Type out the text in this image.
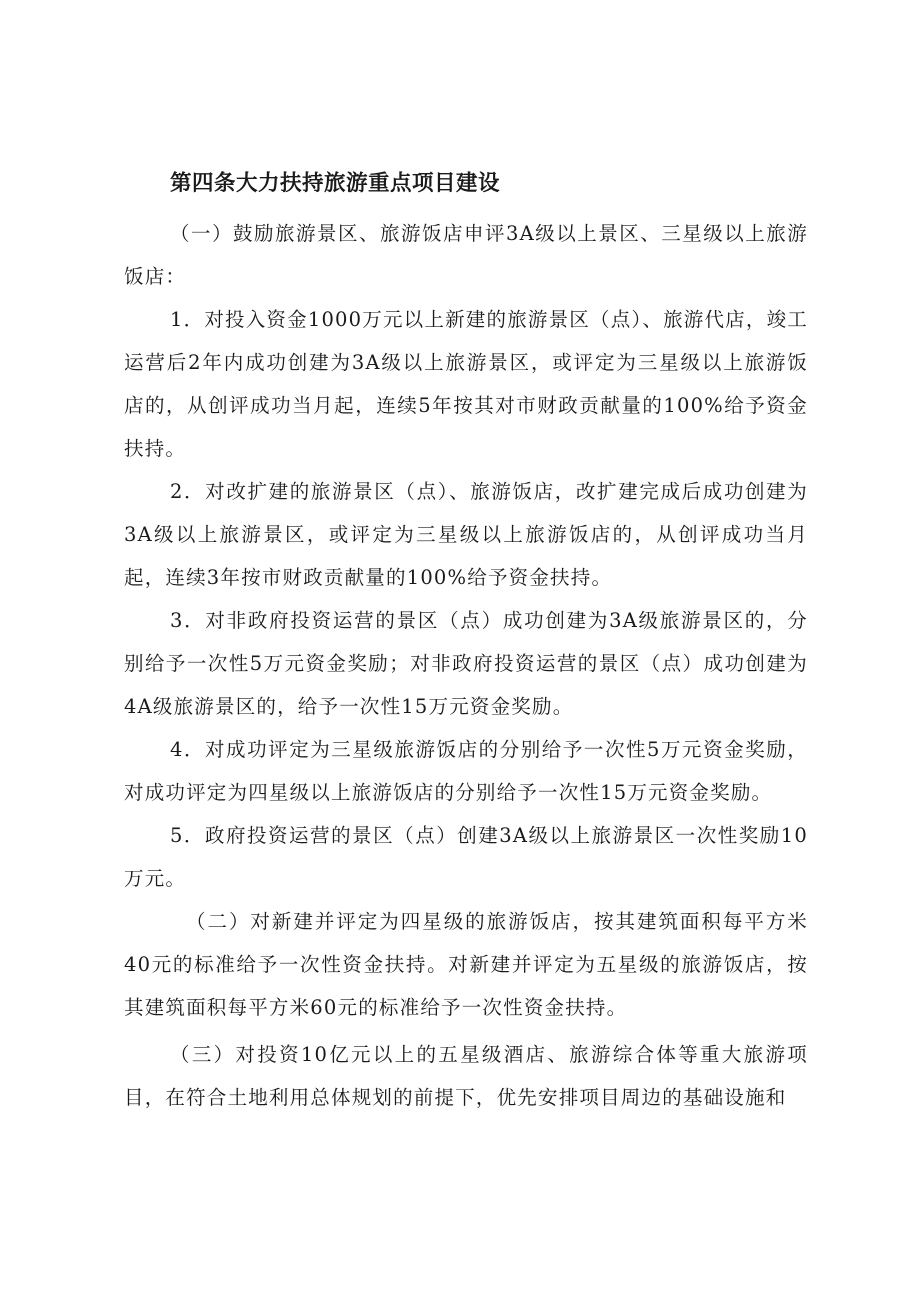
第四条大力扶持旅游重点项目建设

（一）鼓励旅游景区、旅游饭店申评3A级以上景区、三星级以上旅游饭店：

1．对投入资金1000万元以上新建的旅游景区（点）、旅游代店，竣工运营后2年内成功创建为3A级以上旅游景区，或评定为三星级以上旅游饭店的，从创评成功当月起，连续5年按其对市财政贡献量的100%给予资金扶持。

2．对改扩建的旅游景区（点）、旅游饭店，改扩建完成后成功创建为3A级以上旅游景区，或评定为三星级以上旅游饭店的，从创评成功当月起，连续3年按市财政贡献量的100%给予资金扶持。

3．对非政府投资运营的景区（点）成功创建为3A级旅游景区的，分别给予一次性5万元资金奖励；对非政府投资运营的景区（点）成功创建为4A级旅游景区的，给予一次性15万元资金奖励。

4．对成功评定为三星级旅游饭店的分别给予一次性5万元资金奖励，对成功评定为四星级以上旅游饭店的分别给予一次性15万元资金奖励。

5．政府投资运营的景区（点）创建3A级以上旅游景区一次性奖励10万元。

（二）对新建并评定为四星级的旅游饭店，按其建筑面积每平方米40元的标准给予一次性资金扶持。对新建并评定为五星级的旅游饭店，按其建筑面积每平方米60元的标准给予一次性资金扶持。

（三）对投资10亿元以上的五星级酒店、旅游综合体等重大旅游项目，在符合土地利用总体规划的前提下，优先安排项目周边的基础设施和
